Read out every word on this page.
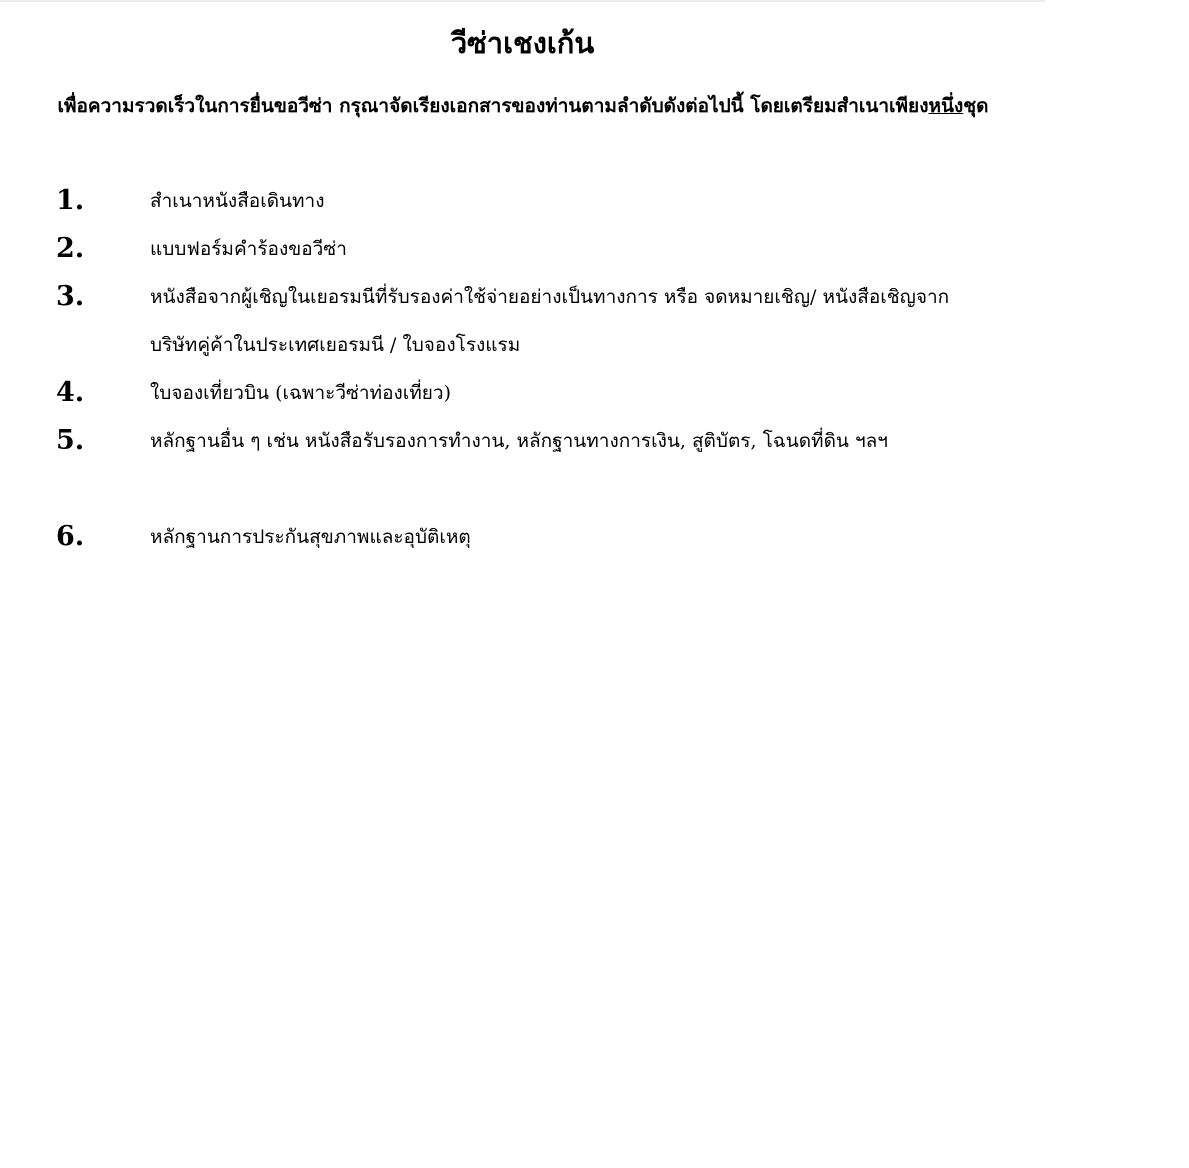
วีซ่าเชงเก้น

เพื่อความรวดเร็วในการยื่นขอวีซ่า กรุณาจัดเรียงเอกสารของท่านตามลำดับดังต่อไปนี้ โดยเตรียมสำเนาเพียงหนึ่งชุด

1.	สำเนาหนังสือเดินทาง
2.	แบบฟอร์มคำร้องขอวีซ่า
3.	หนังสือจากผู้เชิญในเยอรมนีที่รับรองค่าใช้จ่ายอย่างเป็นทางการ หรือ จดหมายเชิญ/ หนังสือเชิญจากบริษัทคู่ค้าในประเทศเยอรมนี / ใบจองโรงแรม
4.	ใบจองเที่ยวบิน (เฉพาะวีซ่าท่องเที่ยว)
5.	หลักฐานอื่น ๆ เช่น หนังสือรับรองการทำงาน, หลักฐานทางการเงิน, สูติบัตร, โฉนดที่ดิน ฯลฯ
6.	หลักฐานการประกันสุขภาพและอุบัติเหตุ
